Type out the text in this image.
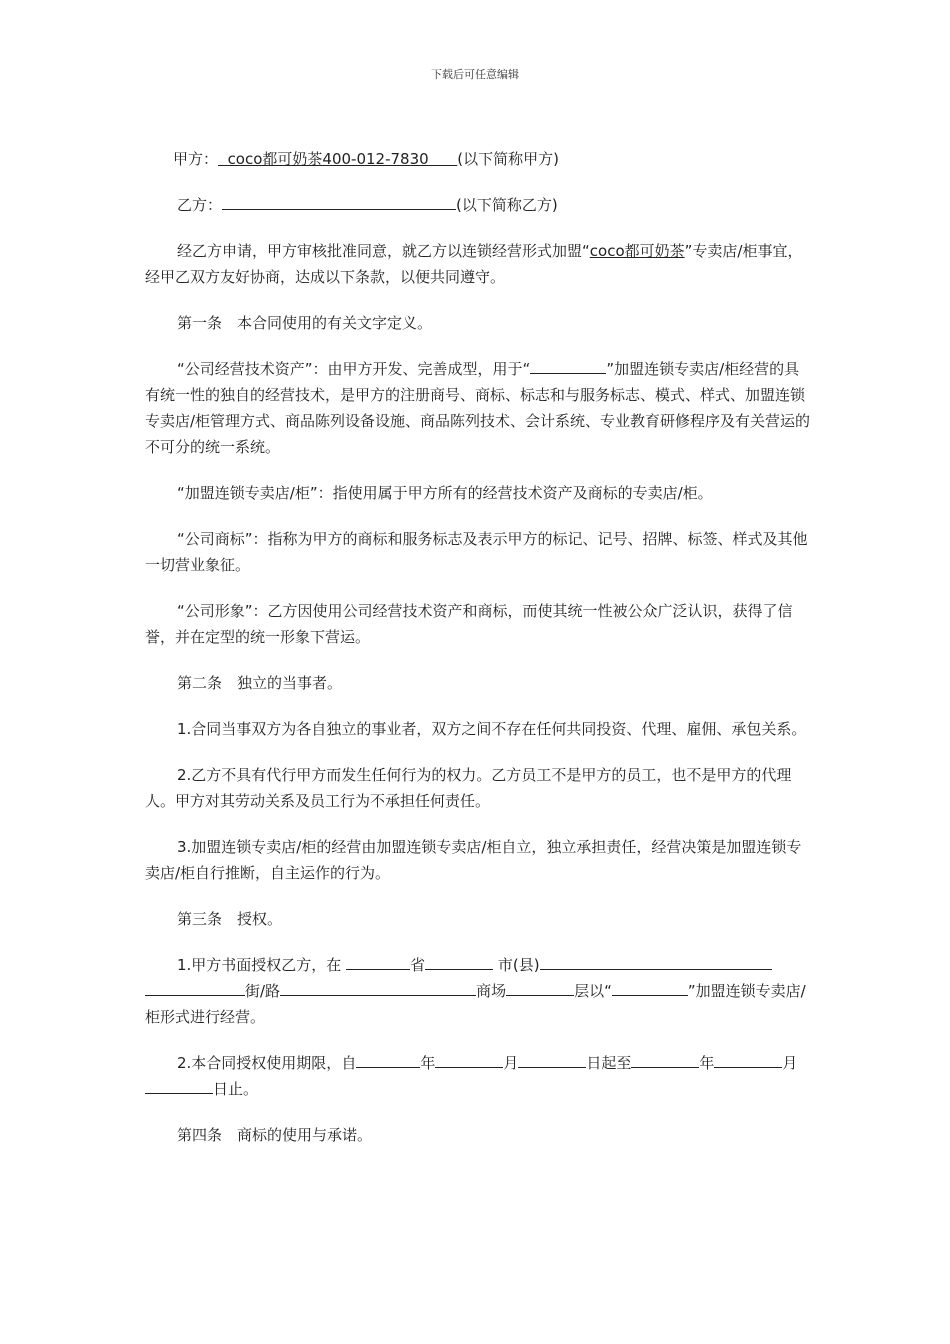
下载后可任意编辑

甲方： coco都可奶茶400-012-7830 (以下简称甲方)

乙方：	(以下简称乙方)

经乙方申请，甲方审核批准同意，就乙方以连锁经营形式加盟“coco都可奶茶”专卖店/柜事宜，经甲乙双方友好协商，达成以下条款，以便共同遵守。

第一条　本合同使用的有关文字定义。

“公司经营技术资产”：由甲方开发、完善成型，用于“	”加盟连锁专卖店/柜经营的具有统一性的独自的经营技术，是甲方的注册商号、商标、标志和与服务标志、模式、样式、加盟连锁专卖店/柜管理方式、商品陈列设备设施、商品陈列技术、会计系统、专业教育研修程序及有关营运的不可分的统一系统。

“加盟连锁专卖店/柜”：指使用属于甲方所有的经营技术资产及商标的专卖店/柜。

“公司商标”：指称为甲方的商标和服务标志及表示甲方的标记、记号、招牌、标签、样式及其他一切营业象征。

“公司形象”：乙方因使用公司经营技术资产和商标，而使其统一性被公众广泛认识，获得了信誉，并在定型的统一形象下营运。

第二条　独立的当事者。

1.合同当事双方为各自独立的事业者，双方之间不存在任何共同投资、代理、雇佣、承包关系。

2.乙方不具有代行甲方而发生任何行为的权力。乙方员工不是甲方的员工，也不是甲方的代理人。甲方对其劳动关系及员工行为不承担任何责任。

3.加盟连锁专卖店/柜的经营由加盟连锁专卖店/柜自立，独立承担责任，经营决策是加盟连锁专卖店/柜自行推断，自主运作的行为。

第三条　授权。

1.甲方书面授权乙方，在	省	市(县)街/路	商场	层以“	”加盟连锁专卖店/柜形式进行经营。

2.本合同授权使用期限，自	年	月	日起至	年	月日止。

第四条　商标的使用与承诺。
